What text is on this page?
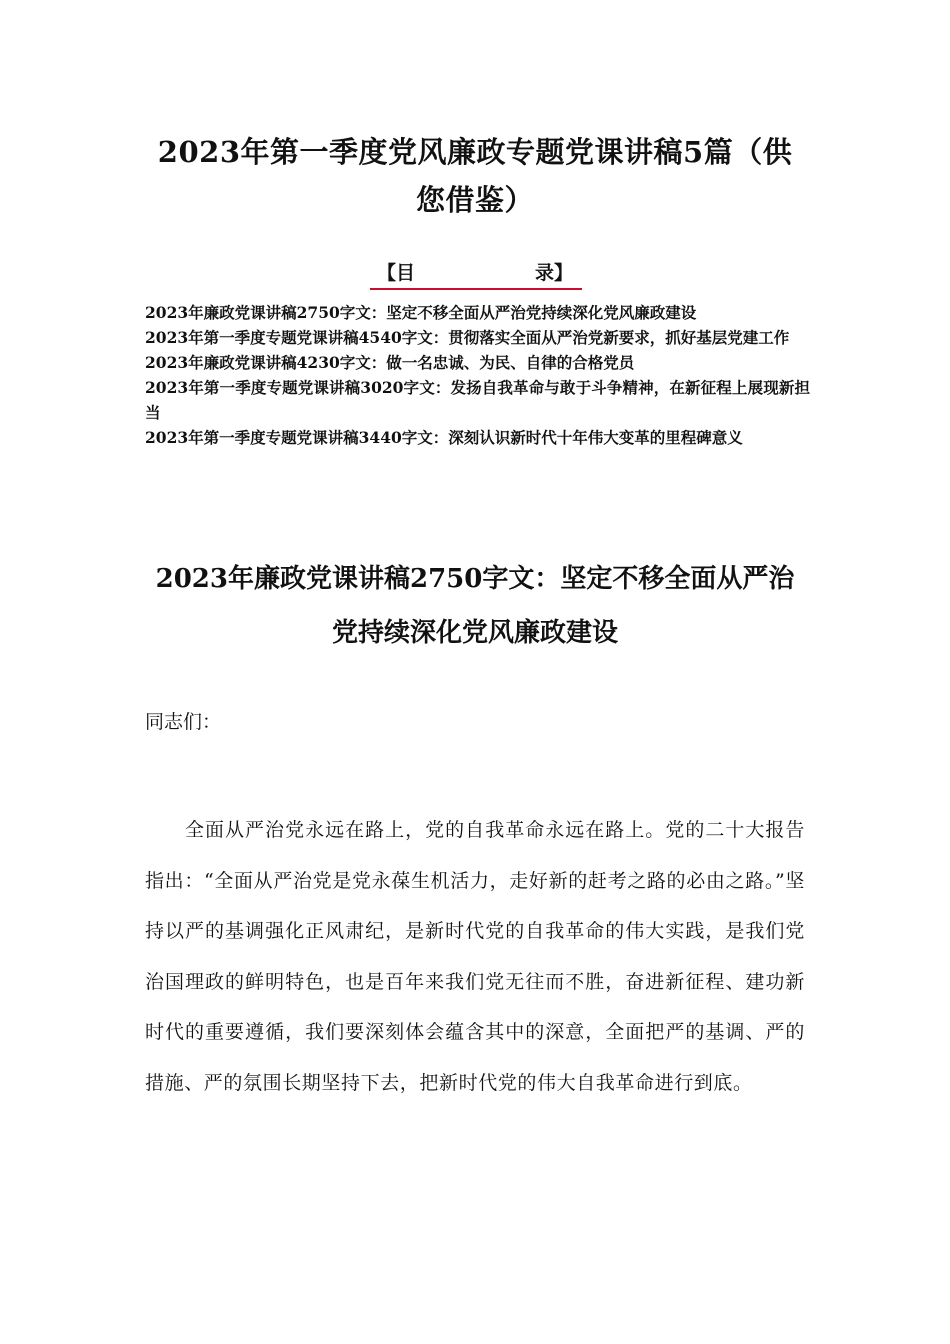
2023年第一季度党风廉政专题党课讲稿5篇（供您借鉴）
【目	录】
2023年廉政党课讲稿2750字文：坚定不移全面从严治党持续深化党风廉政建设
2023年第一季度专题党课讲稿4540字文：贯彻落实全面从严治党新要求，抓好基层党建工作
2023年廉政党课讲稿4230字文：做一名忠诚、为民、自律的合格党员
2023年第一季度专题党课讲稿3020字文：发扬自我革命与敢于斗争精神，在新征程上展现新担当
2023年第一季度专题党课讲稿3440字文：深刻认识新时代十年伟大变革的里程碑意义
2023年廉政党课讲稿2750字文：坚定不移全面从严治党持续深化党风廉政建设
同志们：

全面从严治党永远在路上，党的自我革命永远在路上。党的二十大报告指出：“全面从严治党是党永葆生机活力，走好新的赶考之路的必由之路。”坚持以严的基调强化正风肃纪，是新时代党的自我革命的伟大实践，是我们党治国理政的鲜明特色，也是百年来我们党无往而不胜，奋进新征程、建功新时代的重要遵循，我们要深刻体会蕴含其中的深意，全面把严的基调、严的措施、严的氛围长期坚持下去，把新时代党的伟大自我革命进行到底。
